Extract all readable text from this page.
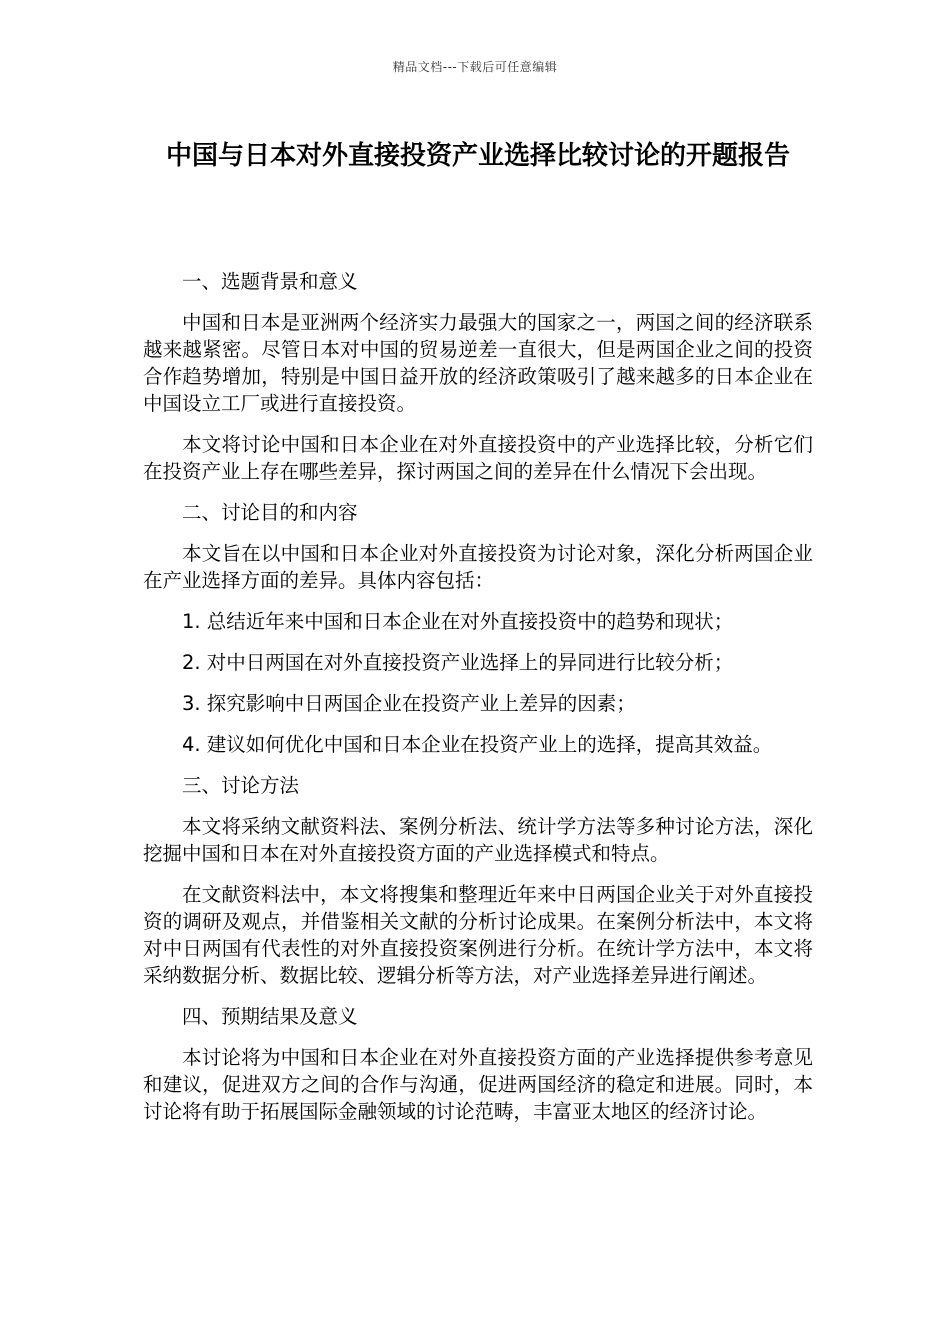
精品文档---下载后可任意编辑
中国与日本对外直接投资产业选择比较讨论的开题报告

一、选题背景和意义

中国和日本是亚洲两个经济实力最强大的国家之一，两国之间的经济联系越来越紧密。尽管日本对中国的贸易逆差一直很大，但是两国企业之间的投资合作趋势增加，特别是中国日益开放的经济政策吸引了越来越多的日本企业在中国设立工厂或进行直接投资。

本文将讨论中国和日本企业在对外直接投资中的产业选择比较，分析它们在投资产业上存在哪些差异，探讨两国之间的差异在什么情况下会出现。

二、讨论目的和内容

本文旨在以中国和日本企业对外直接投资为讨论对象，深化分析两国企业在产业选择方面的差异。具体内容包括：

1. 总结近年来中国和日本企业在对外直接投资中的趋势和现状；

2. 对中日两国在对外直接投资产业选择上的异同进行比较分析；

3. 探究影响中日两国企业在投资产业上差异的因素；

4. 建议如何优化中国和日本企业在投资产业上的选择，提高其效益。

三、讨论方法

本文将采纳文献资料法、案例分析法、统计学方法等多种讨论方法，深化挖掘中国和日本在对外直接投资方面的产业选择模式和特点。

在文献资料法中，本文将搜集和整理近年来中日两国企业关于对外直接投资的调研及观点，并借鉴相关文献的分析讨论成果。在案例分析法中，本文将对中日两国有代表性的对外直接投资案例进行分析。在统计学方法中，本文将采纳数据分析、数据比较、逻辑分析等方法，对产业选择差异进行阐述。

四、预期结果及意义

本讨论将为中国和日本企业在对外直接投资方面的产业选择提供参考意见和建议，促进双方之间的合作与沟通，促进两国经济的稳定和进展。同时，本讨论将有助于拓展国际金融领域的讨论范畴，丰富亚太地区的经济讨论。
